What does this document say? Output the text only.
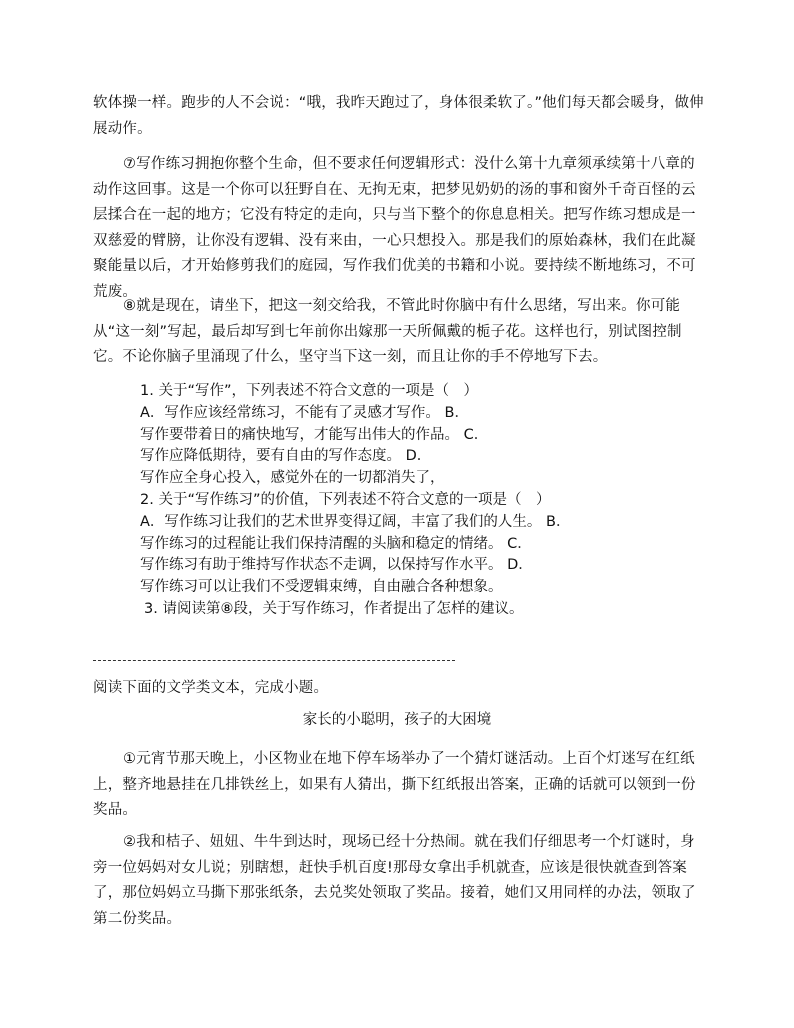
软体操一样。跑步的人不会说：“哦，我昨天跑过了，身体很柔软了。”他们每天都会暖身，做伸展动作。

⑦写作练习拥抱你整个生命，但不要求任何逻辑形式：没什么第十九章须承续第十八章的动作这回事。这是一个你可以狂野自在、无拘无束，把梦见奶奶的汤的事和窗外千奇百怪的云层揉合在一起的地方；它没有特定的走向，只与当下整个的你息息相关。把写作练习想成是一双慈爱的臂膀，让你没有逻辑、没有来由，一心只想投入。那是我们的原始森林，我们在此凝聚能量以后，才开始修剪我们的庭园，写作我们优美的书籍和小说。要持续不断地练习，不可荒废。

⑧就是现在，请坐下，把这一刻交给我，不管此时你脑中有什么思绪，写出来。你可能从“这一刻”写起，最后却写到七年前你出嫁那一天所佩戴的栀子花。这样也行，别试图控制它。不论你脑子里涌现了什么，坚守当下这一刻，而且让你的手不停地写下去。

1. 关于“写作”，下列表述不符合文意的一项是（　）
A．写作应该经常练习，不能有了灵感才写作。 B．
写作要带着日的痛快地写，才能写出伟大的作品。 C．
写作应降低期待，要有自由的写作态度。 D．
写作应全身心投入，感觉外在的一切都消失了，
2. 关于“写作练习”的价值，下列表述不符合文意的一项是（　）
A．写作练习让我们的艺术世界变得辽阔，丰富了我们的人生。 B．
写作练习的过程能让我们保持清醒的头脑和稳定的情绪。 C．
写作练习有助于维持写作状态不走调，以保持写作水平。 D．
写作练习可以让我们不受逻辑束缚，自由融合各种想象。
3. 请阅读第⑧段，关于写作练习，作者提出了怎样的建议。

阅读下面的文学类文本，完成小题。

家长的小聪明，孩子的大困境

①元宵节那天晚上，小区物业在地下停车场举办了一个猜灯谜活动。上百个灯迷写在红纸上，整齐地悬挂在几排铁丝上，如果有人猜出，撕下红纸报出答案，正确的话就可以领到一份奖品。

②我和桔子、妞妞、牛牛到达时，现场已经十分热闹。就在我们仔细思考一个灯谜时，身旁一位妈妈对女儿说；别瞎想，赶快手机百度!那母女拿出手机就查，应该是很快就查到答案了，那位妈妈立马撕下那张纸条，去兑奖处领取了奖品。接着，她们又用同样的办法，领取了第二份奖品。
